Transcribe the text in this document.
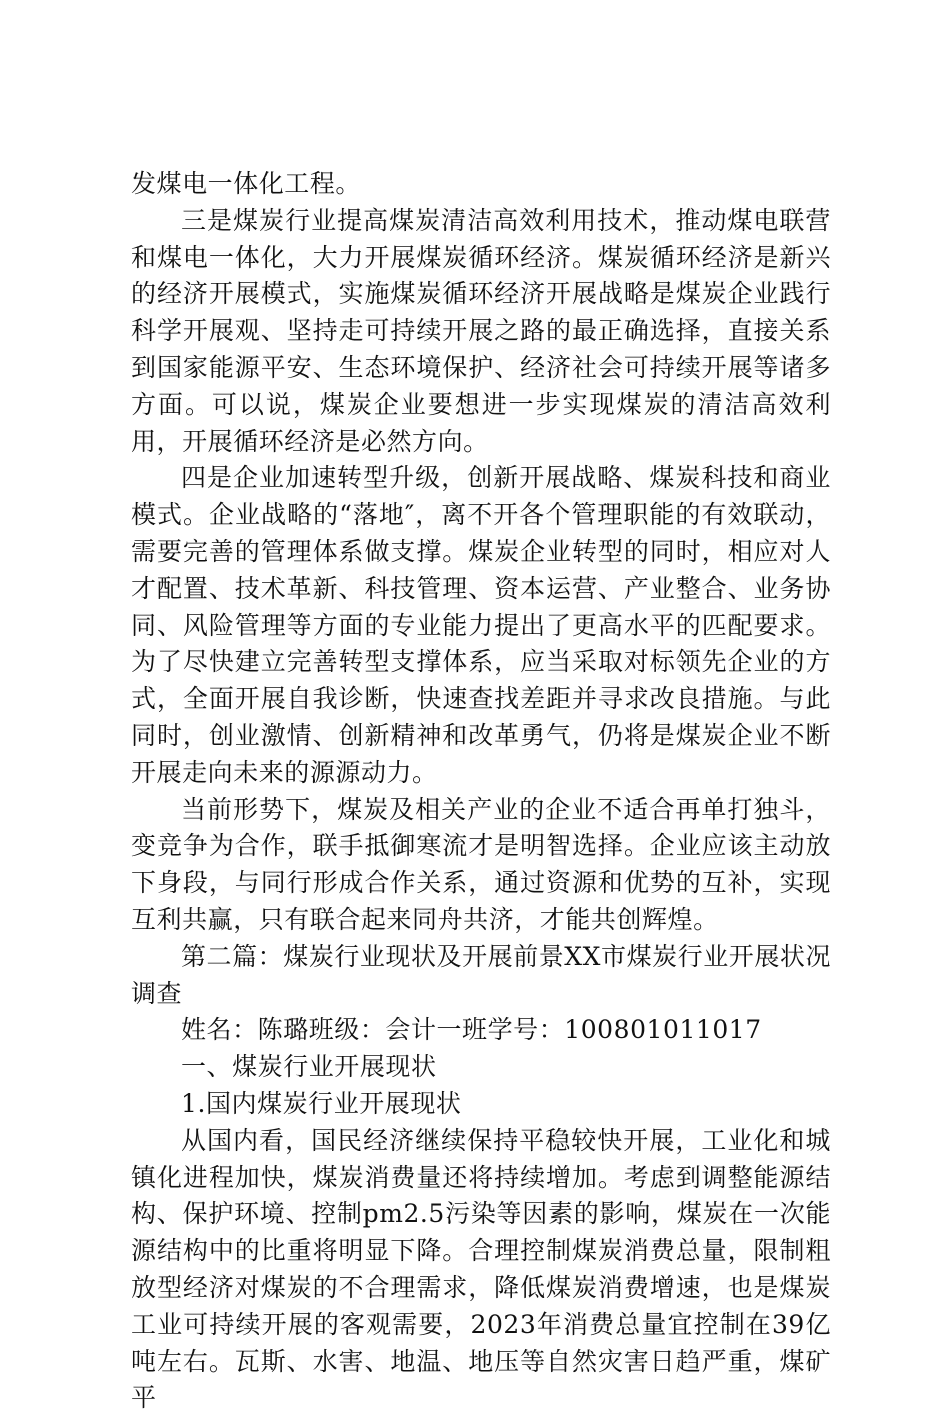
发煤电一体化工程。

三是煤炭行业提高煤炭清洁高效利用技术，推动煤电联营和煤电一体化，大力开展煤炭循环经济。煤炭循环经济是新兴的经济开展模式，实施煤炭循环经济开展战略是煤炭企业践行科学开展观、坚持走可持续开展之路的最正确选择，直接关系到国家能源平安、生态环境保护、经济社会可持续开展等诸多方面。可以说，煤炭企业要想进一步实现煤炭的清洁高效利用，开展循环经济是必然方向。

四是企业加速转型升级，创新开展战略、煤炭科技和商业模式。企业战略的“落地″，离不开各个管理职能的有效联动，需要完善的管理体系做支撑。煤炭企业转型的同时，相应对人才配置、技术革新、科技管理、资本运营、产业整合、业务协同、风险管理等方面的专业能力提出了更高水平的匹配要求。为了尽快建立完善转型支撑体系，应当采取对标领先企业的方式，全面开展自我诊断，快速查找差距并寻求改良措施。与此同时，创业激情、创新精神和改革勇气，仍将是煤炭企业不断开展走向未来的源源动力。

当前形势下，煤炭及相关产业的企业不适合再单打独斗，变竞争为合作，联手抵御寒流才是明智选择。企业应该主动放下身段，与同行形成合作关系，通过资源和优势的互补，实现互利共赢，只有联合起来同舟共济，才能共创辉煌。

第二篇：煤炭行业现状及开展前景XX市煤炭行业开展状况调查

姓名：陈璐班级：会计一班学号：100801011017

一、煤炭行业开展现状

1.国内煤炭行业开展现状

从国内看，国民经济继续保持平稳较快开展，工业化和城镇化进程加快，煤炭消费量还将持续增加。考虑到调整能源结构、保护环境、控制pm2.5污染等因素的影响，煤炭在一次能源结构中的比重将明显下降。合理控制煤炭消费总量，限制粗放型经济对煤炭的不合理需求，降低煤炭消费增速，也是煤炭工业可持续开展的客观需要，2023年消费总量宜控制在39亿吨左右。瓦斯、水害、地温、地压等自然灾害日趋严重，煤矿平
